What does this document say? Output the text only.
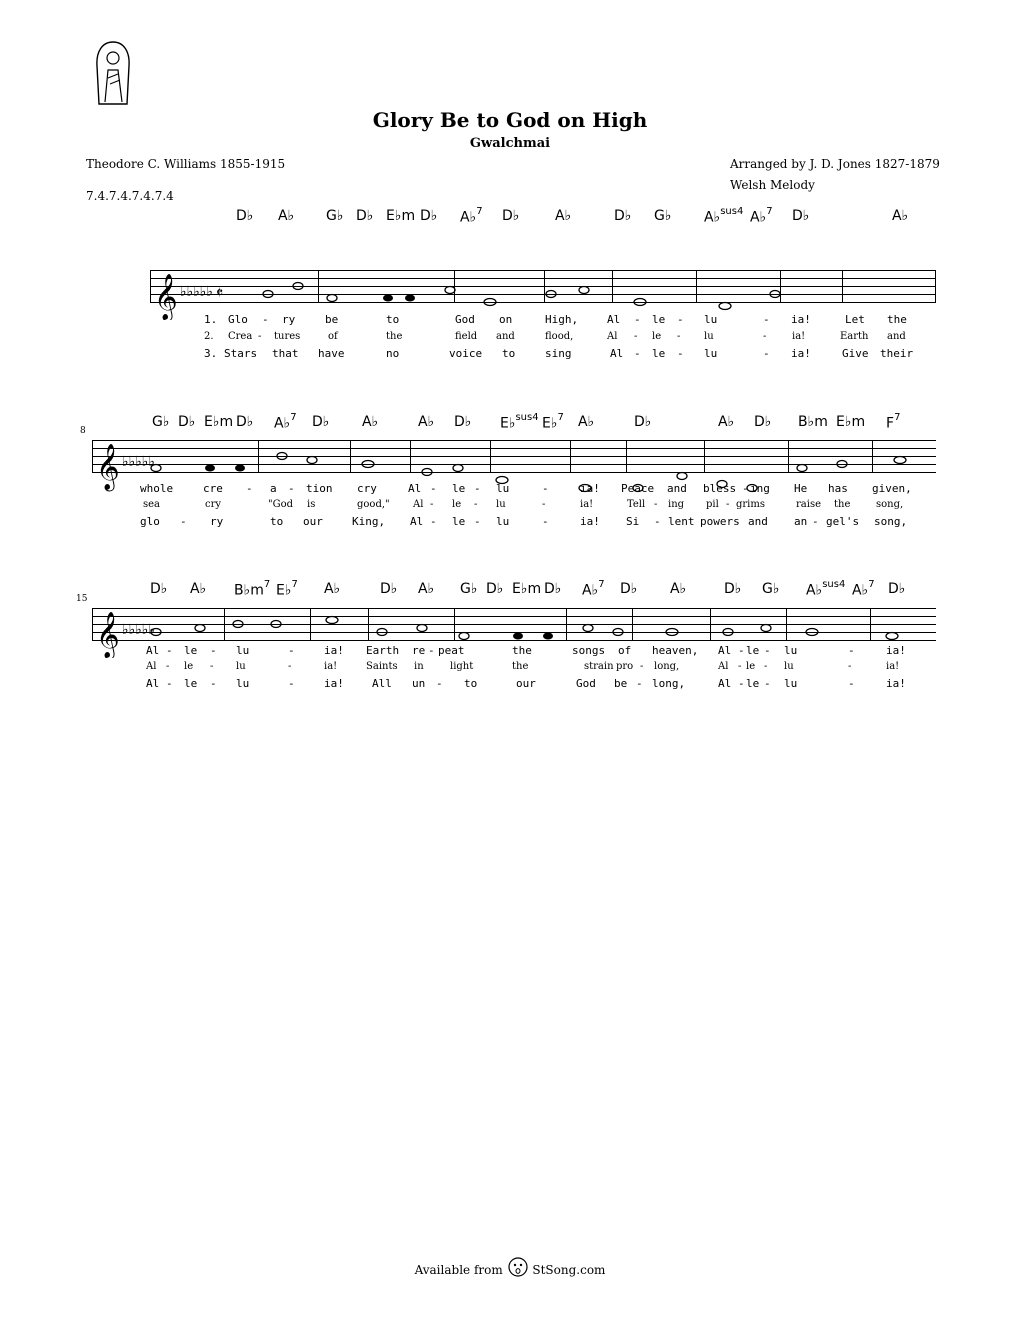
Glory Be to God on High
Gwalchmai
Theodore C. Williams 1855-1915	Arranged by J. D. Jones 1827-1879
Welsh Melody
7.4.7.4.7.4.7.4
D♭ A♭ G♭ D♭ E♭m D♭ A♭$^7$ D♭	A♭	D♭ G♭ A♭$^{sus4}$ A♭$^7$ D♭	A♭
𝄞 ♭♭♭♭♭ 𝄵
1. Glo - ry	be	to	God on	High,	Al - le - lu	- ia!	Let the
2. Crea - tures	of	the	field and	flood,	Al - le - lu	-	ia!	Earth and
3. Stars that have	no	voice to	sing	Al - le - lu	- ia!	Give their
8
G♭ D♭ E♭m D♭ A♭$^7$ D♭ A♭	A♭ D♭ E♭$^{sus4}$ E♭$^7$ A♭	D♭	A♭ D♭ B♭m E♭m $F^7$
𝄞 ♭♭♭♭♭
whole	cre - a - tion cry	Al - le - lu	-	ia! Peace and bless - ing He has given,
sea	cry	"God is	good," Al - le - lu	-	ia!	Tell - ing pil - grims	raise the	song,
glo - ry	to our	King, Al - le - lu	-	ia! Si - lent powers and an - gel's song,
15
D♭ A♭ $B♭m^7$ E♭$^7$ A♭	D♭ A♭ G♭ D♭ E♭m D♭ A♭$^7$ D♭ A♭	D♭ G♭ A♭$^{sus4}$ A♭$^7$ D♭
𝄞 ♭♭♭♭♭
Al - le - lu	-	ia! Earth re - peat	the	songs of heaven, Al - le - lu	-	ia!
Al - le - lu	-	ia!	Saints in	light	the	strain pro - long,	Al - le - lu	-	ia!
Al - le - lu	-	ia!	All un - to	our	God be - long,	Al - le - lu	-	ia!
Available from StSong.com
